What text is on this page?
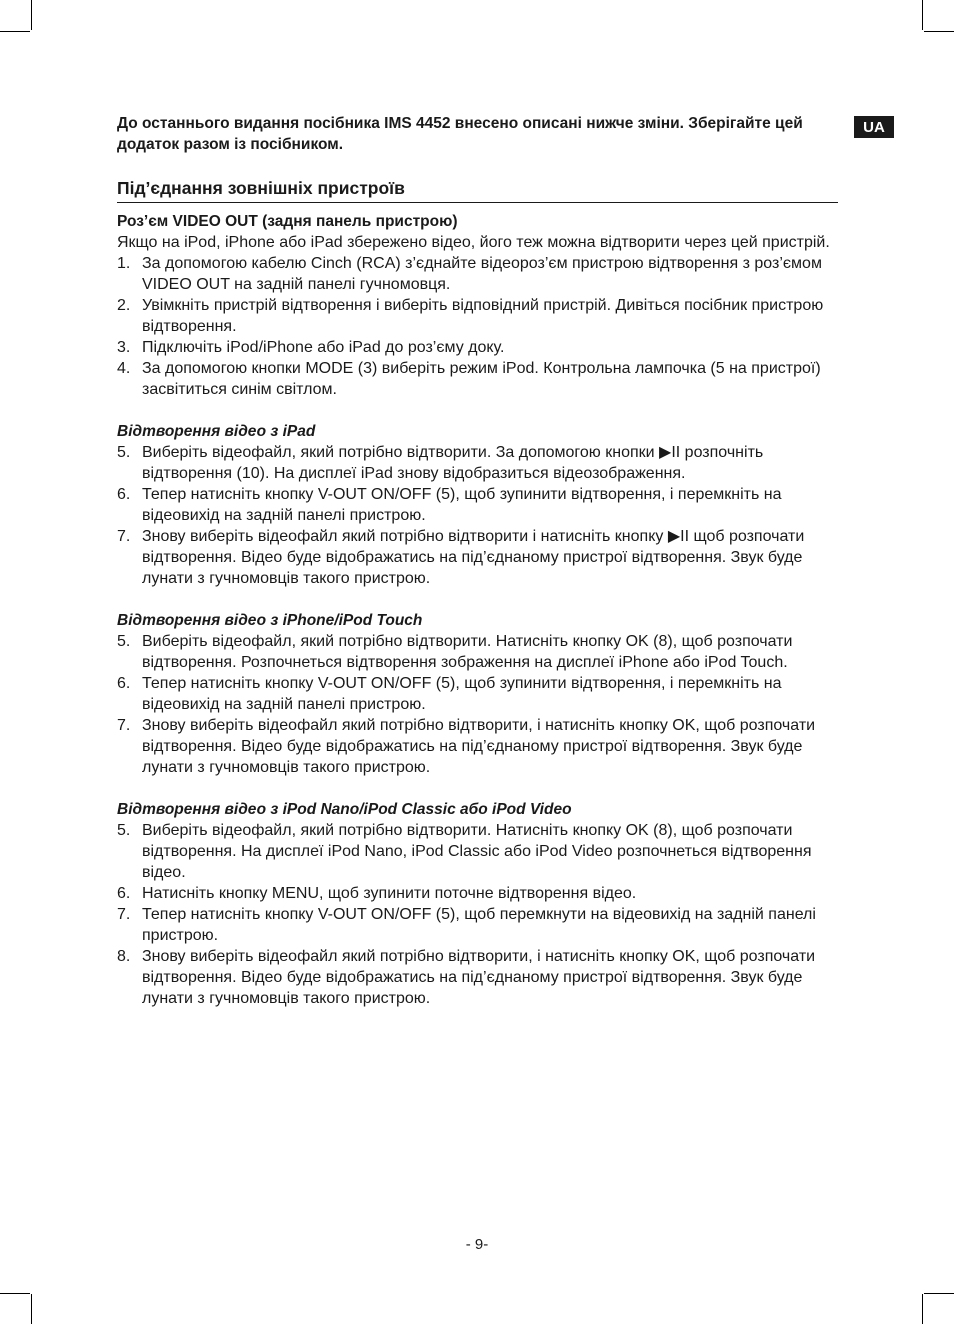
UA

До останнього видання посібника IMS 4452 внесено описані нижче зміни. Зберігайте цей додаток разом із посібником.

Під’єднання зовнішніх пристроїв
Роз’єм VIDEO OUT (задня панель пристрою)

Якщо на iPod, iPhone або iPad збережено відео, його теж можна відтворити через цей пристрій.

1. За допомогою кабелю Cinch (RCA) з’єднайте відеороз’єм пристрою відтворення з роз’ємом VIDEO OUT на задній панелі гучномовця.
2. Увімкніть пристрій відтворення і виберіть відповідний пристрій. Дивіться посібник пристрою відтворення.
3. Підключіть iPod/iPhone або iPad до роз’єму доку.
4. За допомогою кнопки MODE (3) виберіть режим iPod. Контрольна лампочка (5 на пристрої) засвітиться синім світлом.
Відтворення відео з iPad
5. Виберіть відеофайл, який потрібно відтворити. За допомогою кнопки ▶II розпочніть відтворення (10). На дисплеї iPad знову відобразиться відеозображення.
6. Тепер натисніть кнопку V-OUT ON/OFF (5), щоб зупинити відтворення, і перемкніть на відеовихід на задній панелі пристрою.
7. Знову виберіть відеофайл який потрібно відтворити і натисніть кнопку ▶II щоб розпочати відтворення. Відео буде відображатись на під’єднаному пристрої відтворення. Звук буде лунати з гучномовців такого пристрою.
Відтворення відео з iPhone/iPod Touch
5. Виберіть відеофайл, який потрібно відтворити. Натисніть кнопку OK (8), щоб розпочати відтворення. Розпочнеться відтворення зображення на дисплеї iPhone або iPod Touch.
6. Тепер натисніть кнопку V-OUT ON/OFF (5), щоб зупинити відтворення, і перемкніть на відеовихід на задній панелі пристрою.
7. Знову виберіть відеофайл який потрібно відтворити, і натисніть кнопку OK, щоб розпочати відтворення. Відео буде відображатись на під’єднаному пристрої відтворення. Звук буде лунати з гучномовців такого пристрою.
Відтворення відео з iPod Nano/iPod Classic або iPod Video
5. Виберіть відеофайл, який потрібно відтворити. Натисніть кнопку OK (8), щоб розпочати відтворення. На дисплеї iPod Nano, iPod Classic або iPod Video розпочнеться відтворення відео.
6. Натисніть кнопку MENU, щоб зупинити поточне відтворення відео.
7. Тепер натисніть кнопку V-OUT ON/OFF (5), щоб перемкнути на відеовихід на задній панелі пристрою.
8. Знову виберіть відеофайл який потрібно відтворити, і натисніть кнопку OK, щоб розпочати відтворення. Відео буде відображатись на під’єднаному пристрої відтворення. Звук буде лунати з гучномовців такого пристрою.
- 9-
